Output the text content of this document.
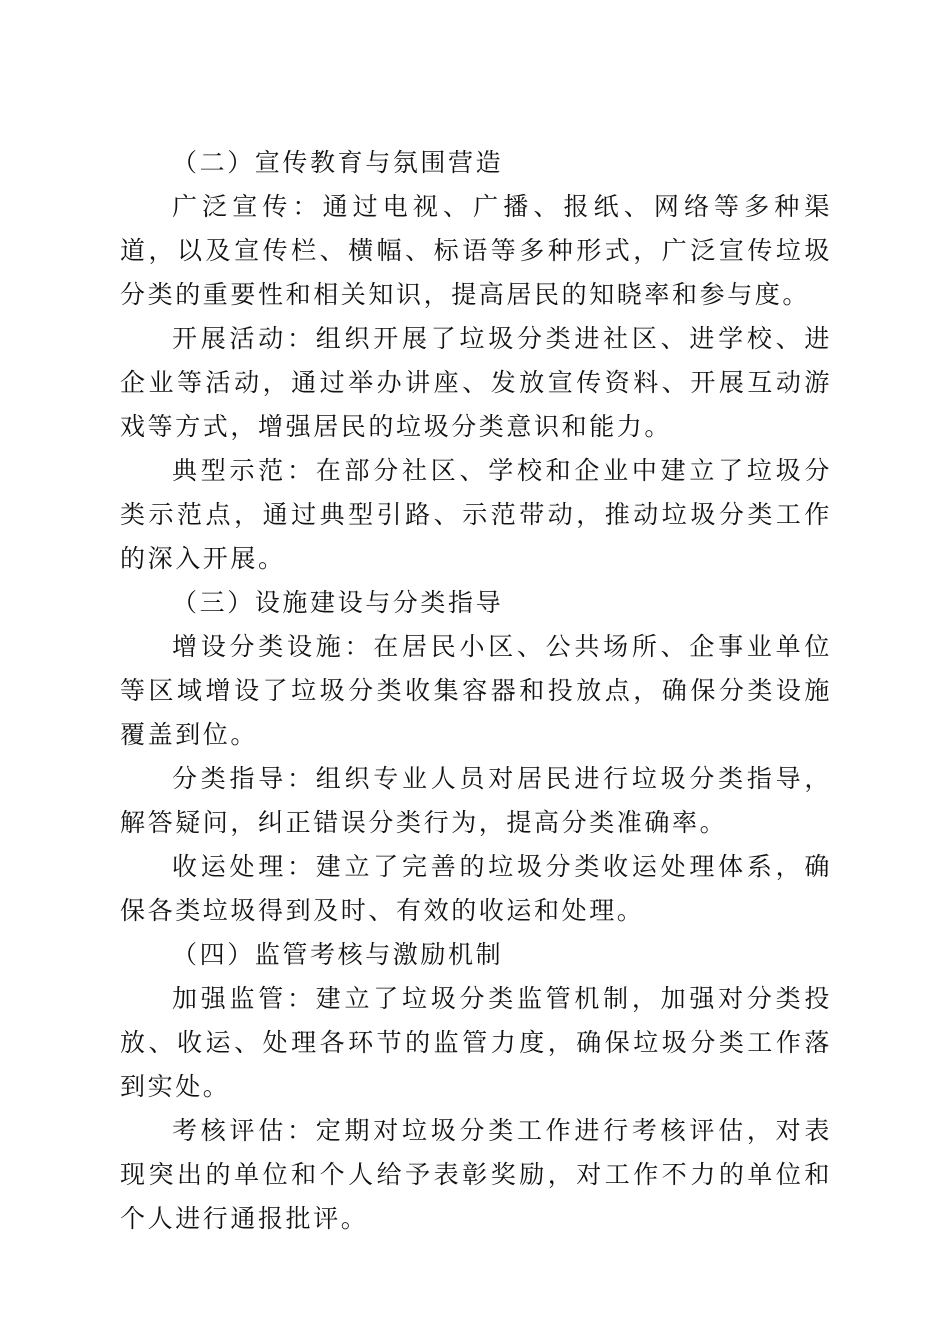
（二）宣传教育与氛围营造

广泛宣传：通过电视、广播、报纸、网络等多种渠道，以及宣传栏、横幅、标语等多种形式，广泛宣传垃圾分类的重要性和相关知识，提高居民的知晓率和参与度。

开展活动：组织开展了垃圾分类进社区、进学校、进企业等活动，通过举办讲座、发放宣传资料、开展互动游戏等方式，增强居民的垃圾分类意识和能力。

典型示范：在部分社区、学校和企业中建立了垃圾分类示范点，通过典型引路、示范带动，推动垃圾分类工作的深入开展。

（三）设施建设与分类指导

增设分类设施：在居民小区、公共场所、企事业单位等区域增设了垃圾分类收集容器和投放点，确保分类设施覆盖到位。

分类指导：组织专业人员对居民进行垃圾分类指导，解答疑问，纠正错误分类行为，提高分类准确率。

收运处理：建立了完善的垃圾分类收运处理体系，确保各类垃圾得到及时、有效的收运和处理。

（四）监管考核与激励机制

加强监管：建立了垃圾分类监管机制，加强对分类投放、收运、处理各环节的监管力度，确保垃圾分类工作落到实处。

考核评估：定期对垃圾分类工作进行考核评估，对表现突出的单位和个人给予表彰奖励，对工作不力的单位和个人进行通报批评。
